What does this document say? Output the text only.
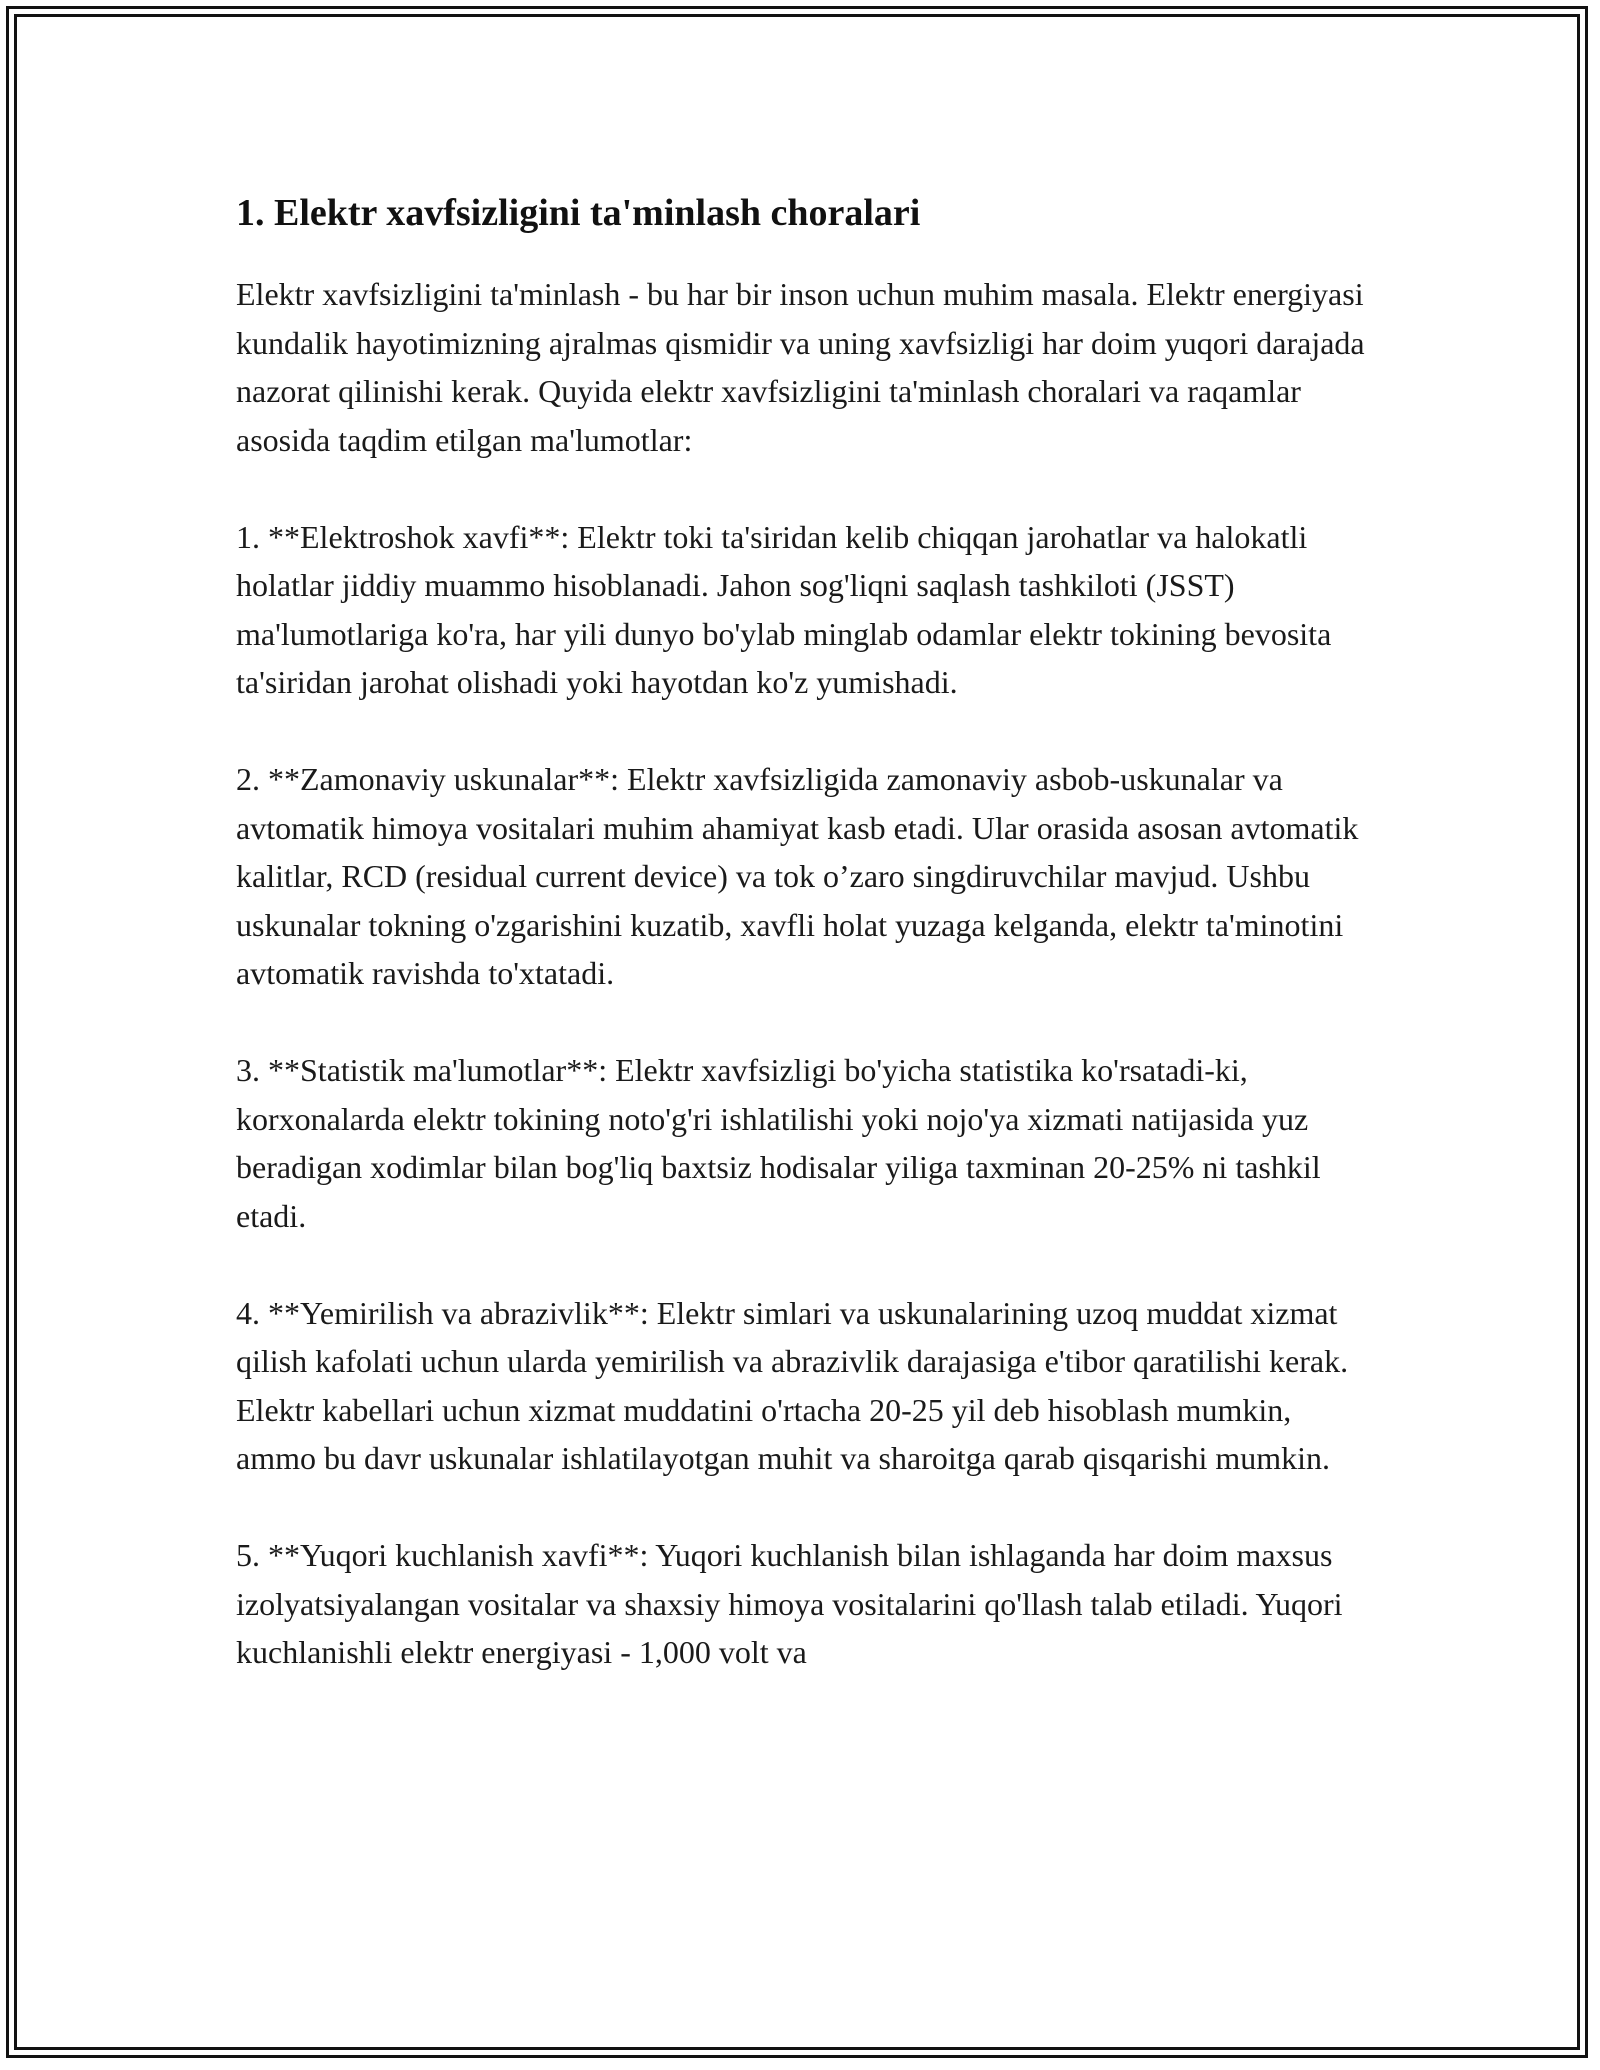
1. Elektr xavfsizligini ta'minlash choralari

Elektr xavfsizligini ta'minlash - bu har bir inson uchun muhim masala. Elektr energiyasi kundalik hayotimizning ajralmas qismidir va uning xavfsizligi har doim yuqori darajada nazorat qilinishi kerak. Quyida elektr xavfsizligini ta'minlash choralari va raqamlar asosida taqdim etilgan ma'lumotlar:

1. **Elektroshok xavfi**: Elektr toki ta'siridan kelib chiqqan jarohatlar va halokatli holatlar jiddiy muammo hisoblanadi. Jahon sog'liqni saqlash tashkiloti (JSST) ma'lumotlariga ko'ra, har yili dunyo bo'ylab minglab odamlar elektr tokining bevosita ta'siridan jarohat olishadi yoki hayotdan ko'z yumishadi.

2. **Zamonaviy uskunalar**: Elektr xavfsizligida zamonaviy asbob-uskunalar va avtomatik himoya vositalari muhim ahamiyat kasb etadi. Ular orasida asosan avtomatik kalitlar, RCD (residual current device) va tok o’zaro singdiruvchilar mavjud. Ushbu uskunalar tokning o'zgarishini kuzatib, xavfli holat yuzaga kelganda, elektr ta'minotini avtomatik ravishda to'xtatadi.

3. **Statistik ma'lumotlar**: Elektr xavfsizligi bo'yicha statistika ko'rsatadi-ki, korxonalarda elektr tokining noto'g'ri ishlatilishi yoki nojo'ya xizmati natijasida yuz beradigan xodimlar bilan bog'liq baxtsiz hodisalar yiliga taxminan 20-25% ni tashkil etadi.

4. **Yemirilish va abrazivlik**: Elektr simlari va uskunalarining uzoq muddat xizmat qilish kafolati uchun ularda yemirilish va abrazivlik darajasiga e'tibor qaratilishi kerak. Elektr kabellari uchun xizmat muddatini o'rtacha 20-25 yil deb hisoblash mumkin, ammo bu davr uskunalar ishlatilayotgan muhit va sharoitga qarab qisqarishi mumkin.

5. **Yuqori kuchlanish xavfi**: Yuqori kuchlanish bilan ishlaganda har doim maxsus izolyatsiyalangan vositalar va shaxsiy himoya vositalarini qo'llash talab etiladi. Yuqori kuchlanishli elektr energiyasi - 1,000 volt va
